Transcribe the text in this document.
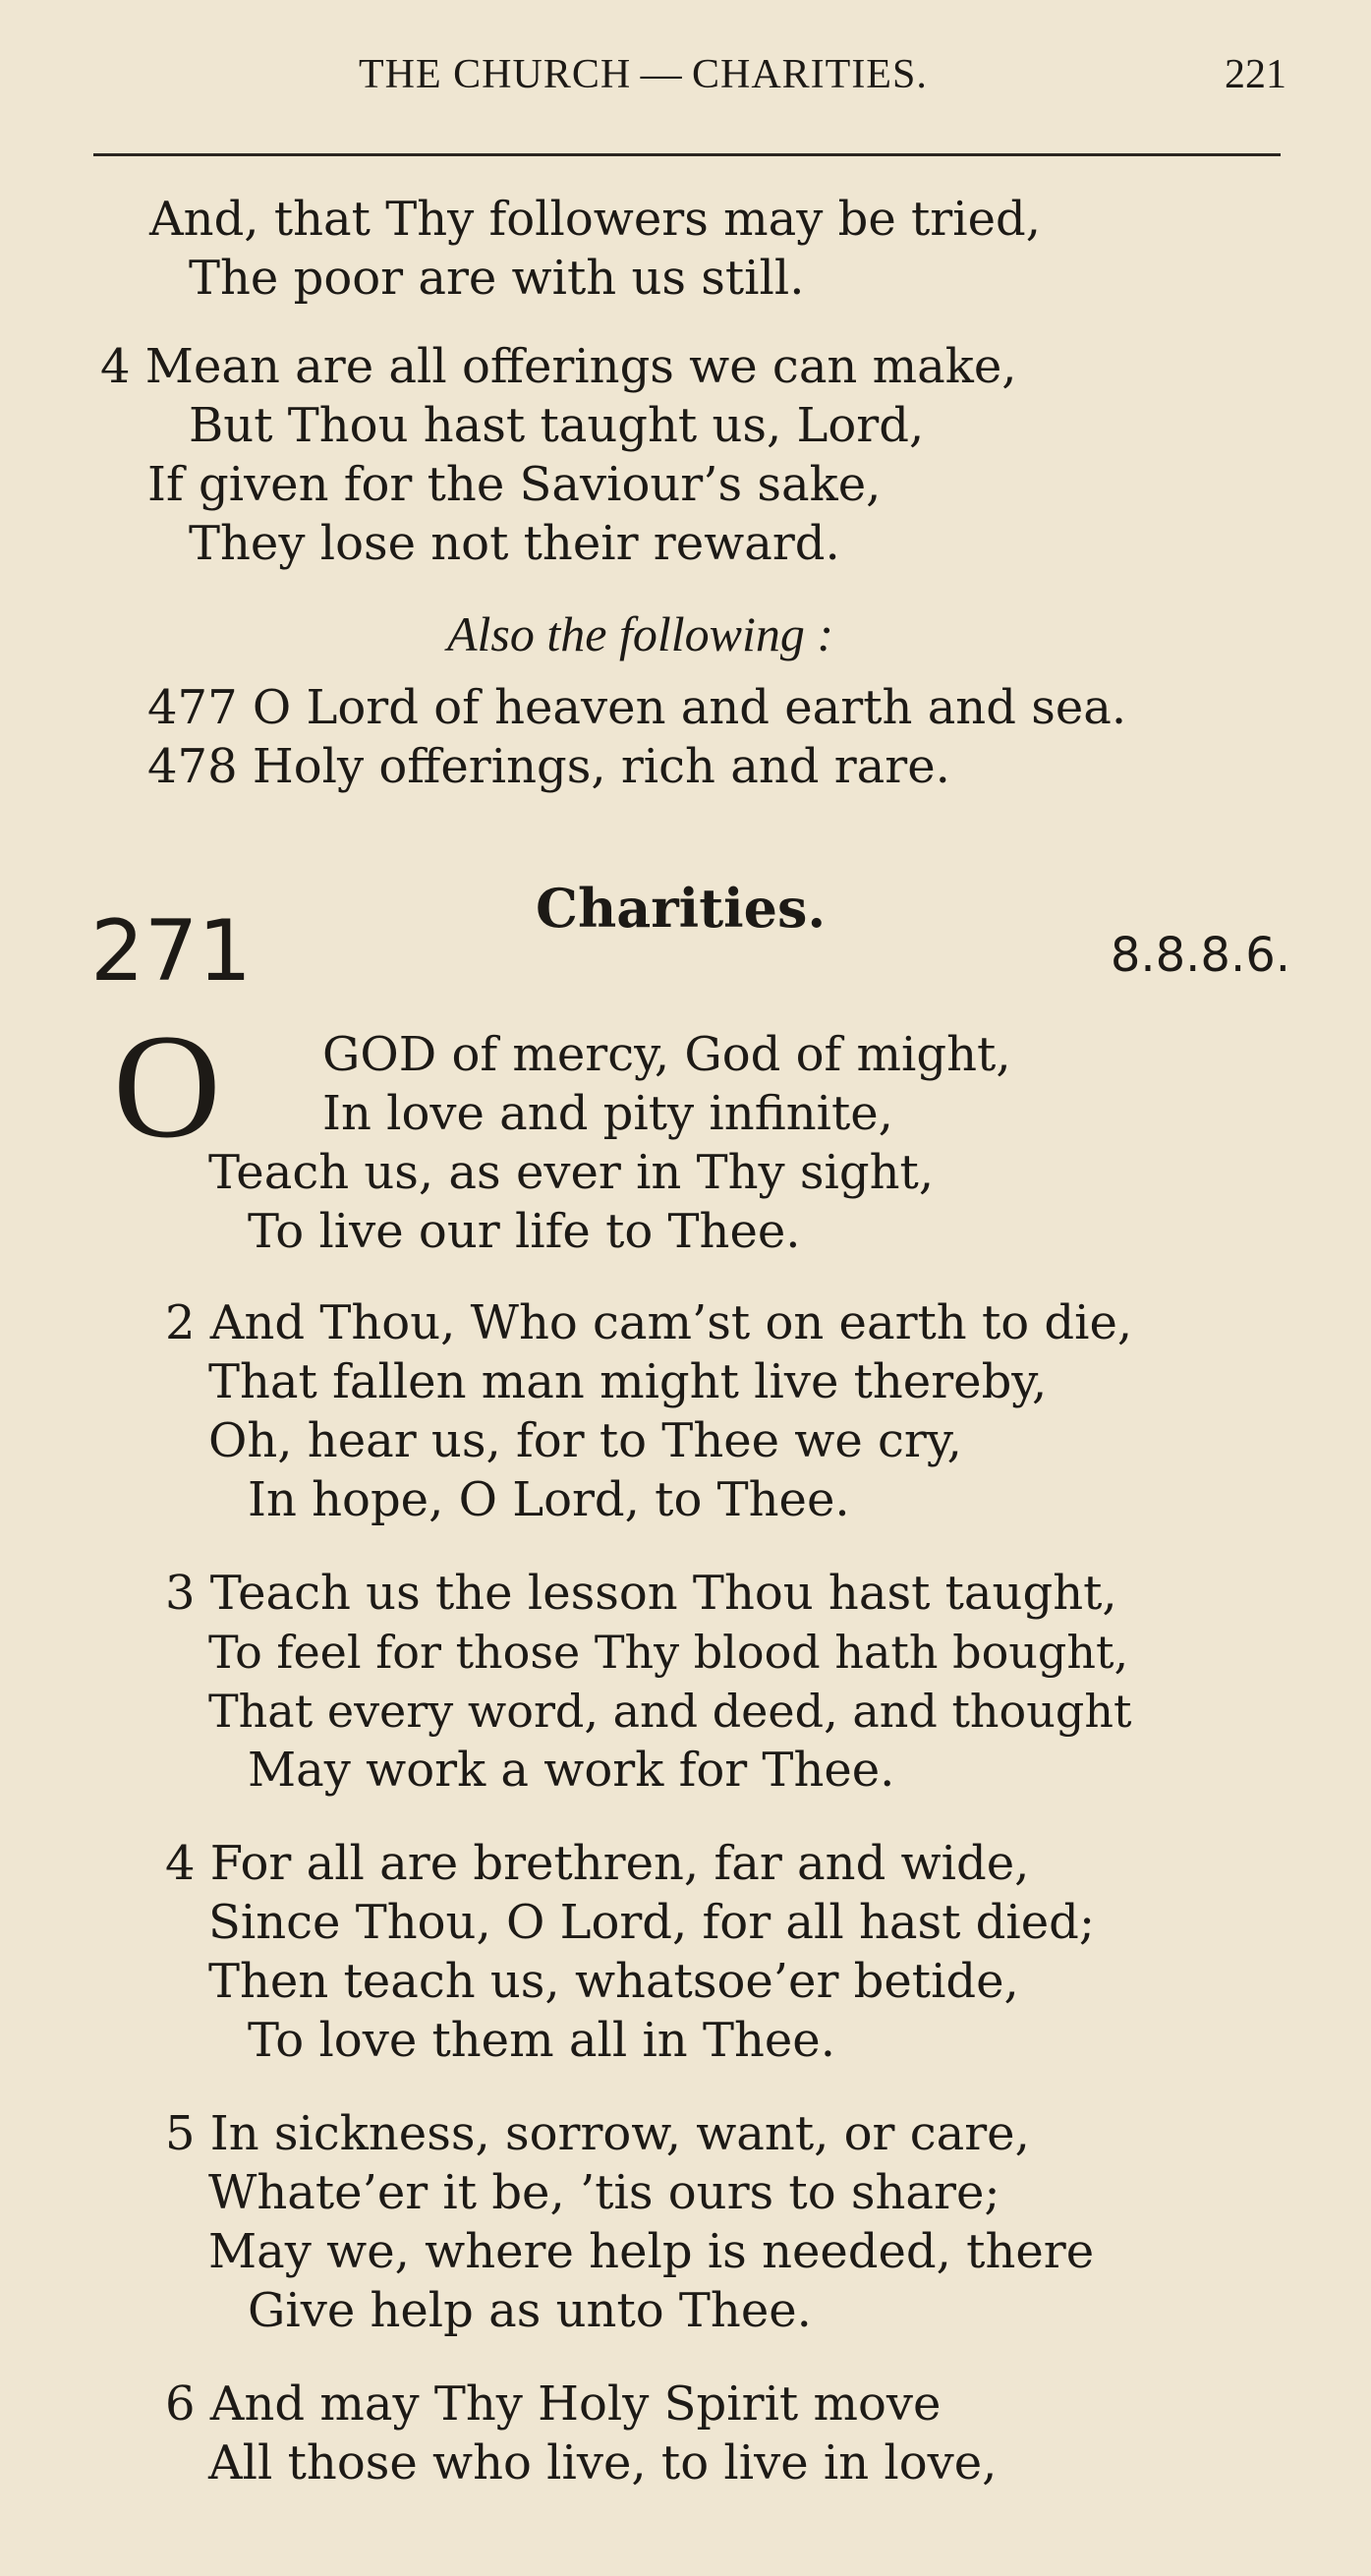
THE CHURCH — CHARITIES.	221
And, that Thy followers may be tried,
The poor are with us still.
4 Mean are all offerings we can make,
But Thou hast taught us, Lord,
If given for the Saviour’s sake,
They lose not their reward.
Also the following :
477 O Lord of heaven and earth and sea.
478 Holy offerings, rich and rare.
271	Charities.
8.8.8.6.
O GOD of mercy, God of might,
In love and pity infinite,
Teach us, as ever in Thy sight,
To live our life to Thee.
2 And Thou, Who cam’st on earth to die,
That fallen man might live thereby,
Oh, hear us, for to Thee we cry,
In hope, O Lord, to Thee.
3 Teach us the lesson Thou hast taught,
To feel for those Thy blood hath bought,
That every word, and deed, and thought
May work a work for Thee.
4 For all are brethren, far and wide,
Since Thou, O Lord, for all hast died;
Then teach us, whatsoe’er betide,
To love them all in Thee.
5 In sickness, sorrow, want, or care,
Whate’er it be, ’tis ours to share;
May we, where help is needed, there
Give help as unto Thee.
6 And may Thy Holy Spirit move
All those who live, to live in love,
